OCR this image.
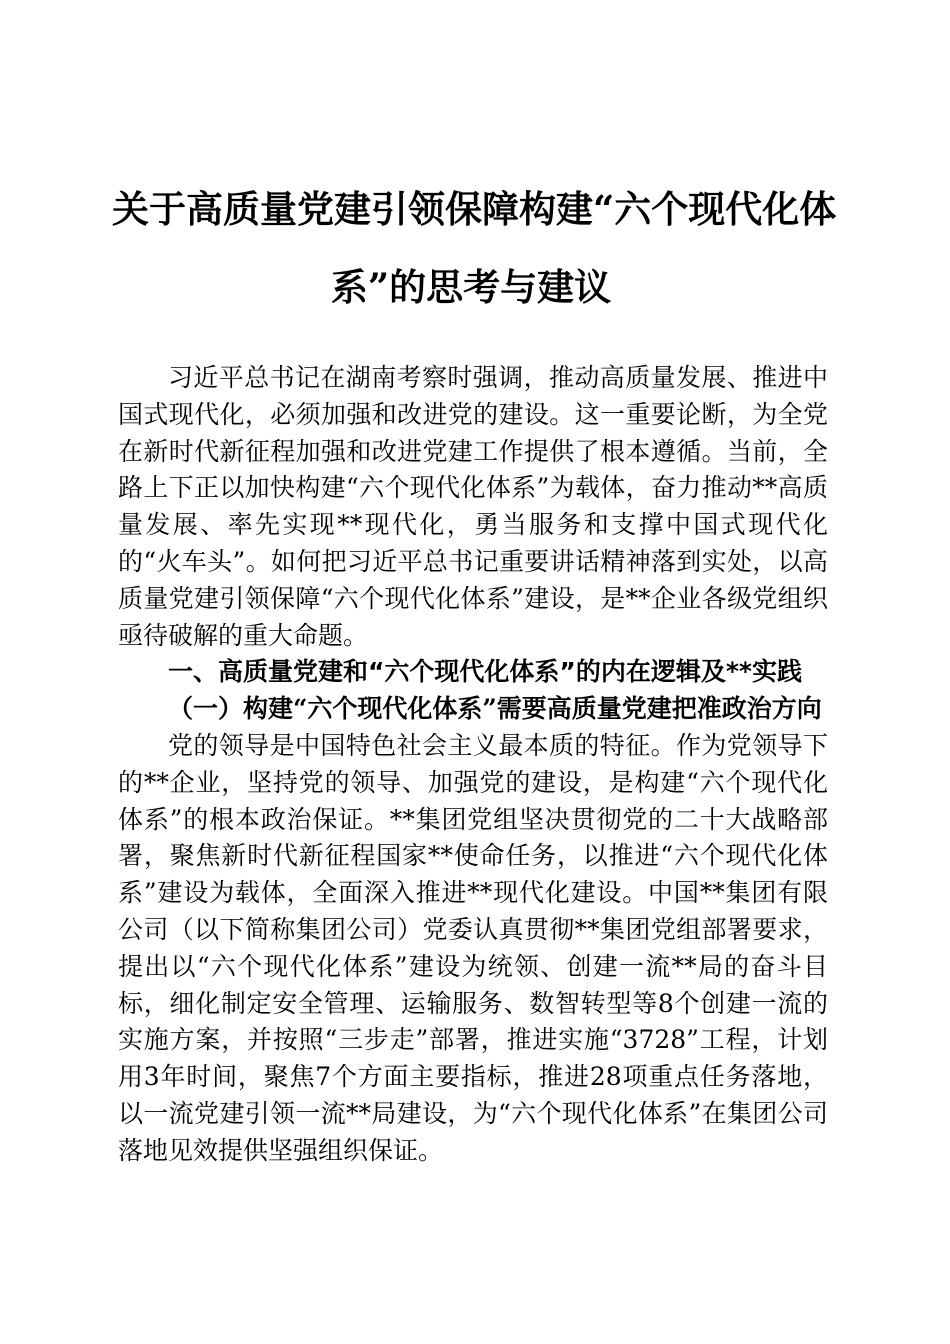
关于高质量党建引领保障构建“六个现代化体
系”的思考与建议

习近平总书记在湖南考察时强调，推动高质量发展、推进中国式现代化，必须加强和改进党的建设。这一重要论断，为全党在新时代新征程加强和改进党建工作提供了根本遵循。当前，全路上下正以加快构建“六个现代化体系”为载体，奋力推动**高质量发展、率先实现**现代化，勇当服务和支撑中国式现代化的“火车头”。如何把习近平总书记重要讲话精神落到实处，以高质量党建引领保障“六个现代化体系”建设，是**企业各级党组织亟待破解的重大命题。

一、高质量党建和“六个现代化体系”的内在逻辑及**实践
（一）构建“六个现代化体系”需要高质量党建把准政治方向

党的领导是中国特色社会主义最本质的特征。作为党领导下的**企业，坚持党的领导、加强党的建设，是构建“六个现代化体系”的根本政治保证。**集团党组坚决贯彻党的二十大战略部署，聚焦新时代新征程国家**使命任务，以推进“六个现代化体系”建设为载体，全面深入推进**现代化建设。中国**集团有限公司（以下简称集团公司）党委认真贯彻**集团党组部署要求，提出以“六个现代化体系”建设为统领、创建一流**局的奋斗目标，细化制定安全管理、运输服务、数智转型等8个创建一流的实施方案，并按照“三步走”部署，推进实施“3728”工程，计划用3年时间，聚焦7个方面主要指标，推进28项重点任务落地，以一流党建引领一流**局建设，为“六个现代化体系”在集团公司落地见效提供坚强组织保证。
